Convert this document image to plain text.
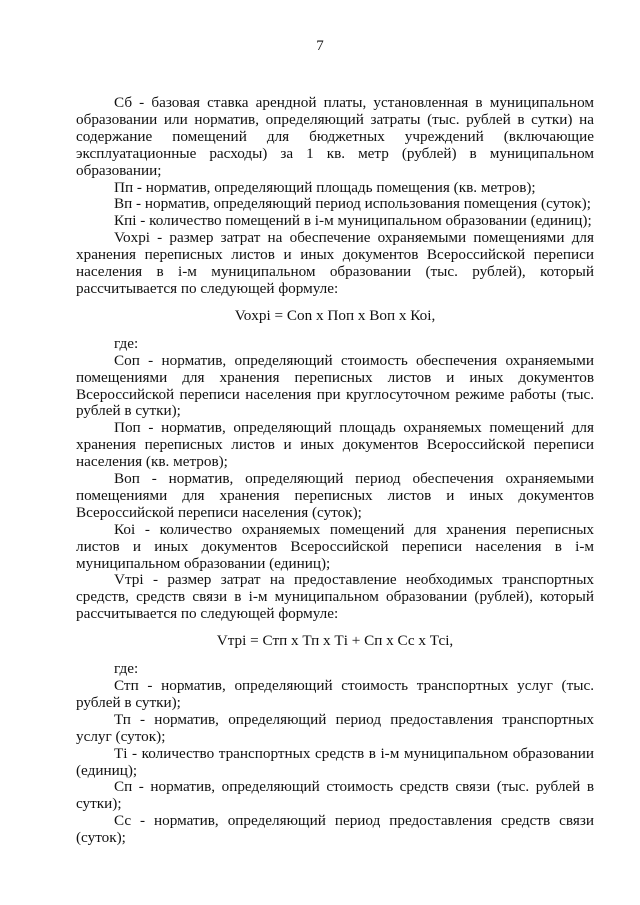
7

Сб - базовая ставка арендной платы, установленная в муниципальном образовании или норматив, определяющий затраты (тыс. рублей в сутки) на содержание помещений для бюджетных учреждений (включающие эксплуатационные расходы) за 1 кв. метр (рублей) в муниципальном образовании;

Пп - норматив, определяющий площадь помещения (кв. метров);

Вп - норматив, определяющий период использования помещения (суток);

Кпi - количество помещений в i-м муниципальном образовании (единиц);

Voxpi - размер затрат на обеспечение охраняемыми помещениями для хранения переписных листов и иных документов Всероссийской переписи населения в i-м муниципальном образовании (тыс. рублей), который рассчитывается по следующей формуле:

Voxpi = Con x Поп x Воп x Коi,

где:

Соп - норматив, определяющий стоимость обеспечения охраняемыми помещениями для хранения переписных листов и иных документов Всероссийской переписи населения при круглосуточном режиме работы (тыс. рублей в сутки);

Поп - норматив, определяющий площадь охраняемых помещений для хранения переписных листов и иных документов Всероссийской переписи населения (кв. метров);

Воп - норматив, определяющий период обеспечения охраняемыми помещениями для хранения переписных листов и иных документов Всероссийской переписи населения (суток);

Коi - количество охраняемых помещений для хранения переписных листов и иных документов Всероссийской переписи населения в i-м муниципальном образовании (единиц);

Vтрi - размер затрат на предоставление необходимых транспортных средств, средств связи в i-м муниципальном образовании (рублей), который рассчитывается по следующей формуле:

Vтрi = Стп x Тп x Тi + Сп x Сс x Тсi,

где:

Стп - норматив, определяющий стоимость транспортных услуг (тыс. рублей в сутки);

Тп - норматив, определяющий период предоставления транспортных услуг (суток);

Тi - количество транспортных средств в i-м муниципальном образовании (единиц);

Сп - норматив, определяющий стоимость средств связи (тыс. рублей в сутки);

Сс - норматив, определяющий период предоставления средств связи (суток);
